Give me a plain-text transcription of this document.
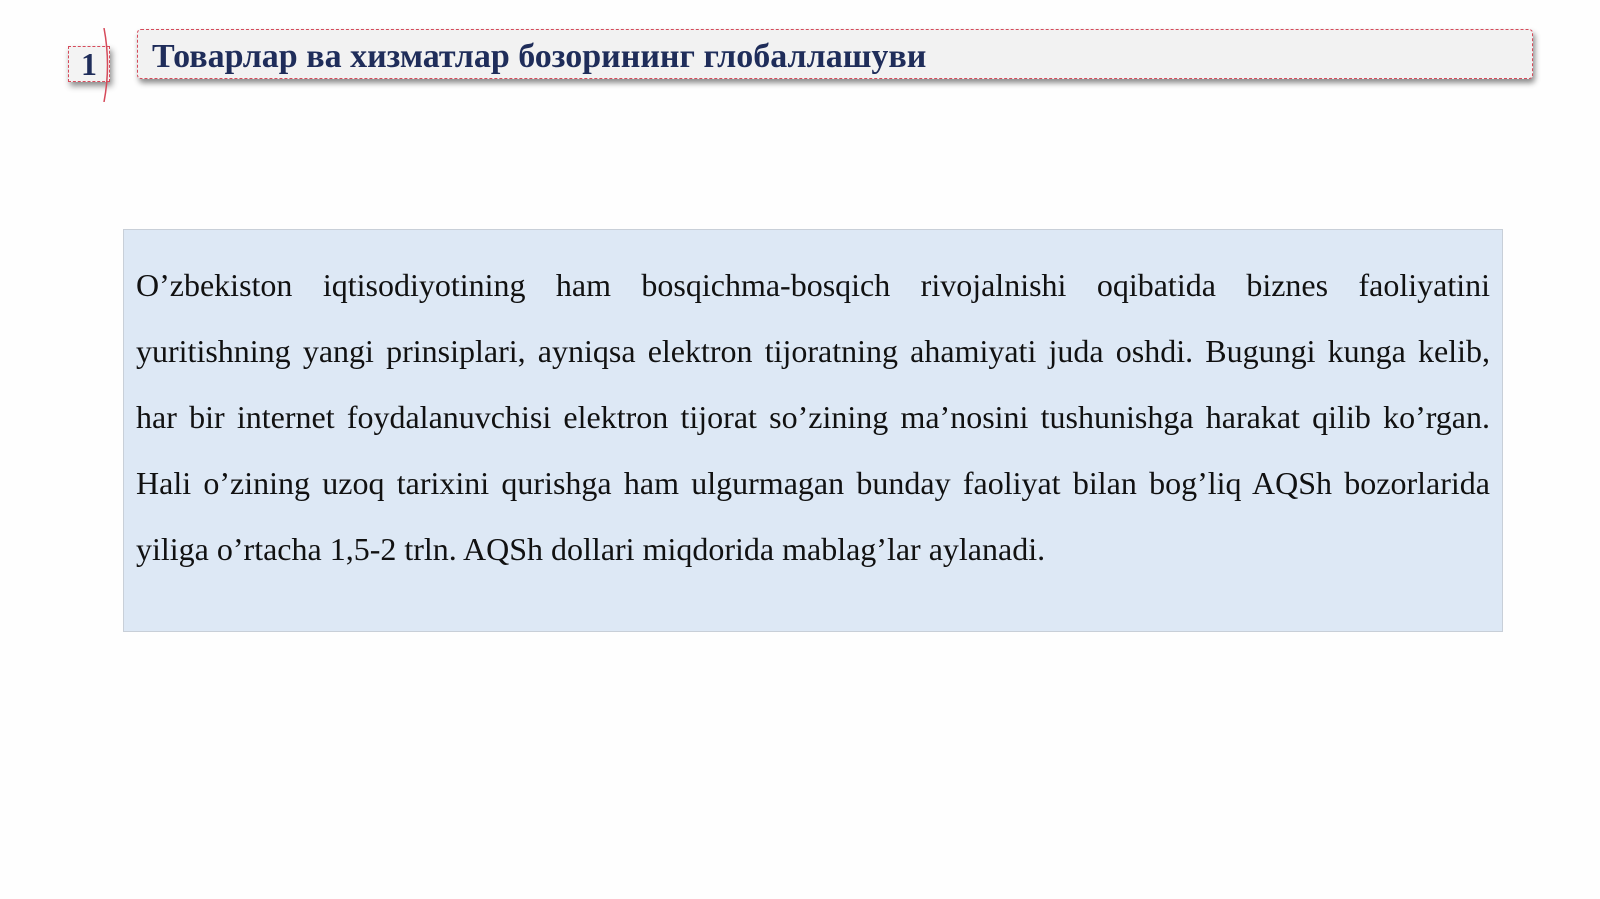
1 Товарлар ва хизматлар бозорининг глобаллашуви

O’zbekiston iqtisodiyotining ham bosqichma-bosqich rivojalnishi oqibatida biznes faoliyatini yuritishning yangi prinsiplari, ayniqsa elektron tijoratning ahamiyati juda oshdi. Bugungi kunga kelib, har bir internet foydalanuvchisi elektron tijorat so’zining ma’nosini tushunishga harakat qilib ko’rgan. Hali o’zining uzoq tarixini qurishga ham ulgurmagan bunday faoliyat bilan bog’liq AQSh bozorlarida yiliga o’rtacha 1,5-2 trln. AQSh dollari miqdorida mablag’lar aylanadi.
